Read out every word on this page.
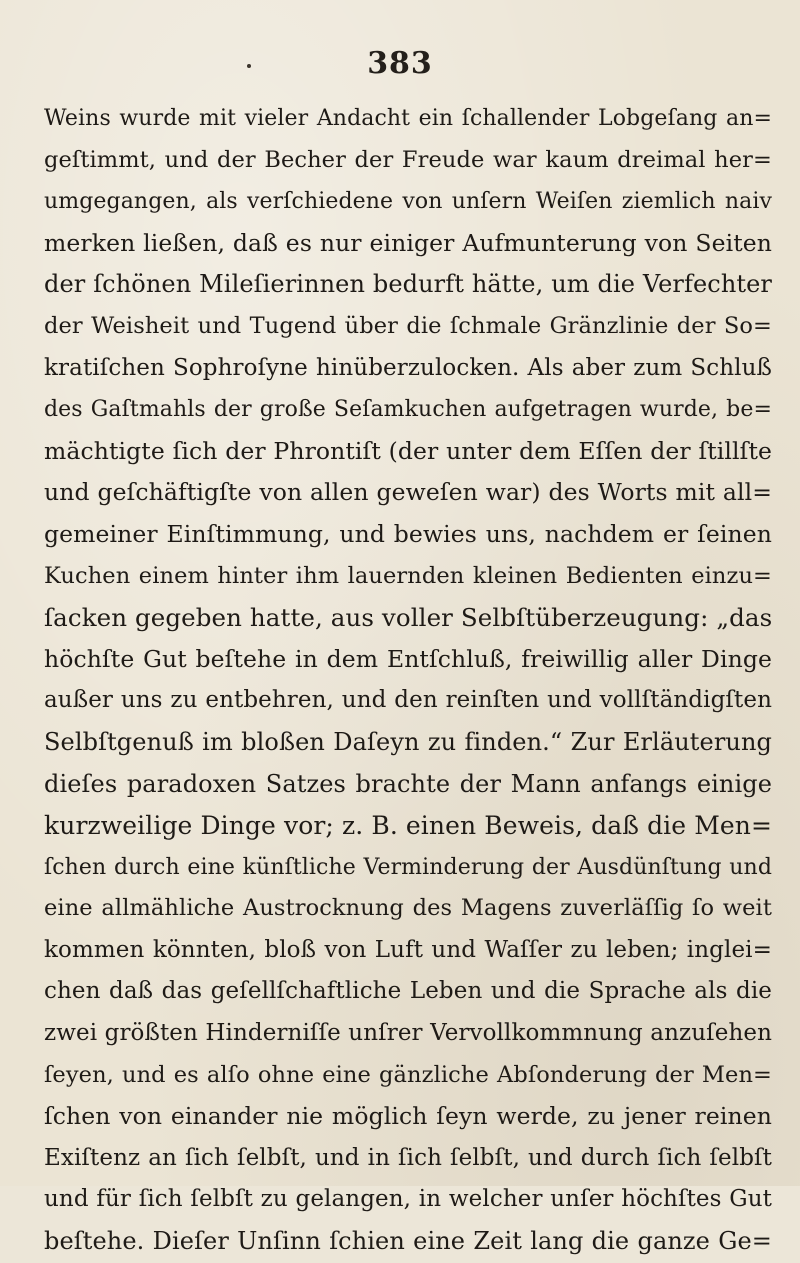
383
Weins wurde mit vieler Andacht ein ſchallender Lobgeſang an=
geſtimmt, und der Becher der Freude war kaum dreimal her=
umgegangen, als verſchiedene von unſern Weiſen ziemlich naiv
merken ließen, daß es nur einiger Aufmunterung von Seiten
der ſchönen Mileſierinnen bedurft hätte, um die Verfechter
der Weisheit und Tugend über die ſchmale Gränzlinie der So=
kratiſchen Sophroſyne hinüberzulocken. Als aber zum Schluß
des Gaſtmahls der große Seſamkuchen aufgetragen wurde, be=
mächtigte ſich der Phrontiſt (der unter dem Eſſen der ſtillſte
und geſchäftigſte von allen geweſen war) des Worts mit all=
gemeiner Einſtimmung, und bewies uns, nachdem er ſeinen
Kuchen einem hinter ihm lauernden kleinen Bedienten einzu=
ſacken gegeben hatte, aus voller Selbſtüberzeugung: „das
höchſte Gut beſtehe in dem Entſchluß, freiwillig aller Dinge
außer uns zu entbehren, und den reinſten und vollſtändigſten
Selbſtgenuß im bloßen Daſeyn zu finden.“ Zur Erläuterung
dieſes paradoxen Satzes brachte der Mann anfangs einige
kurzweilige Dinge vor; z. B. einen Beweis, daß die Men=
ſchen durch eine künſtliche Verminderung der Ausdünſtung und
eine allmähliche Austrocknung des Magens zuverläſſig ſo weit
kommen könnten, bloß von Luft und Waſſer zu leben; inglei=
chen daß das geſellſchaftliche Leben und die Sprache als die
zwei größten Hinderniſſe unſrer Vervollkommnung anzuſehen
ſeyen, und es alſo ohne eine gänzliche Abſonderung der Men=
ſchen von einander nie möglich ſeyn werde, zu jener reinen
Exiſtenz an ſich ſelbſt, und in ſich ſelbſt, und durch ſich ſelbſt
und für ſich ſelbſt zu gelangen, in welcher unſer höchſtes Gut
beſtehe. Dieſer Unſinn ſchien eine Zeit lang die ganze Ge=
